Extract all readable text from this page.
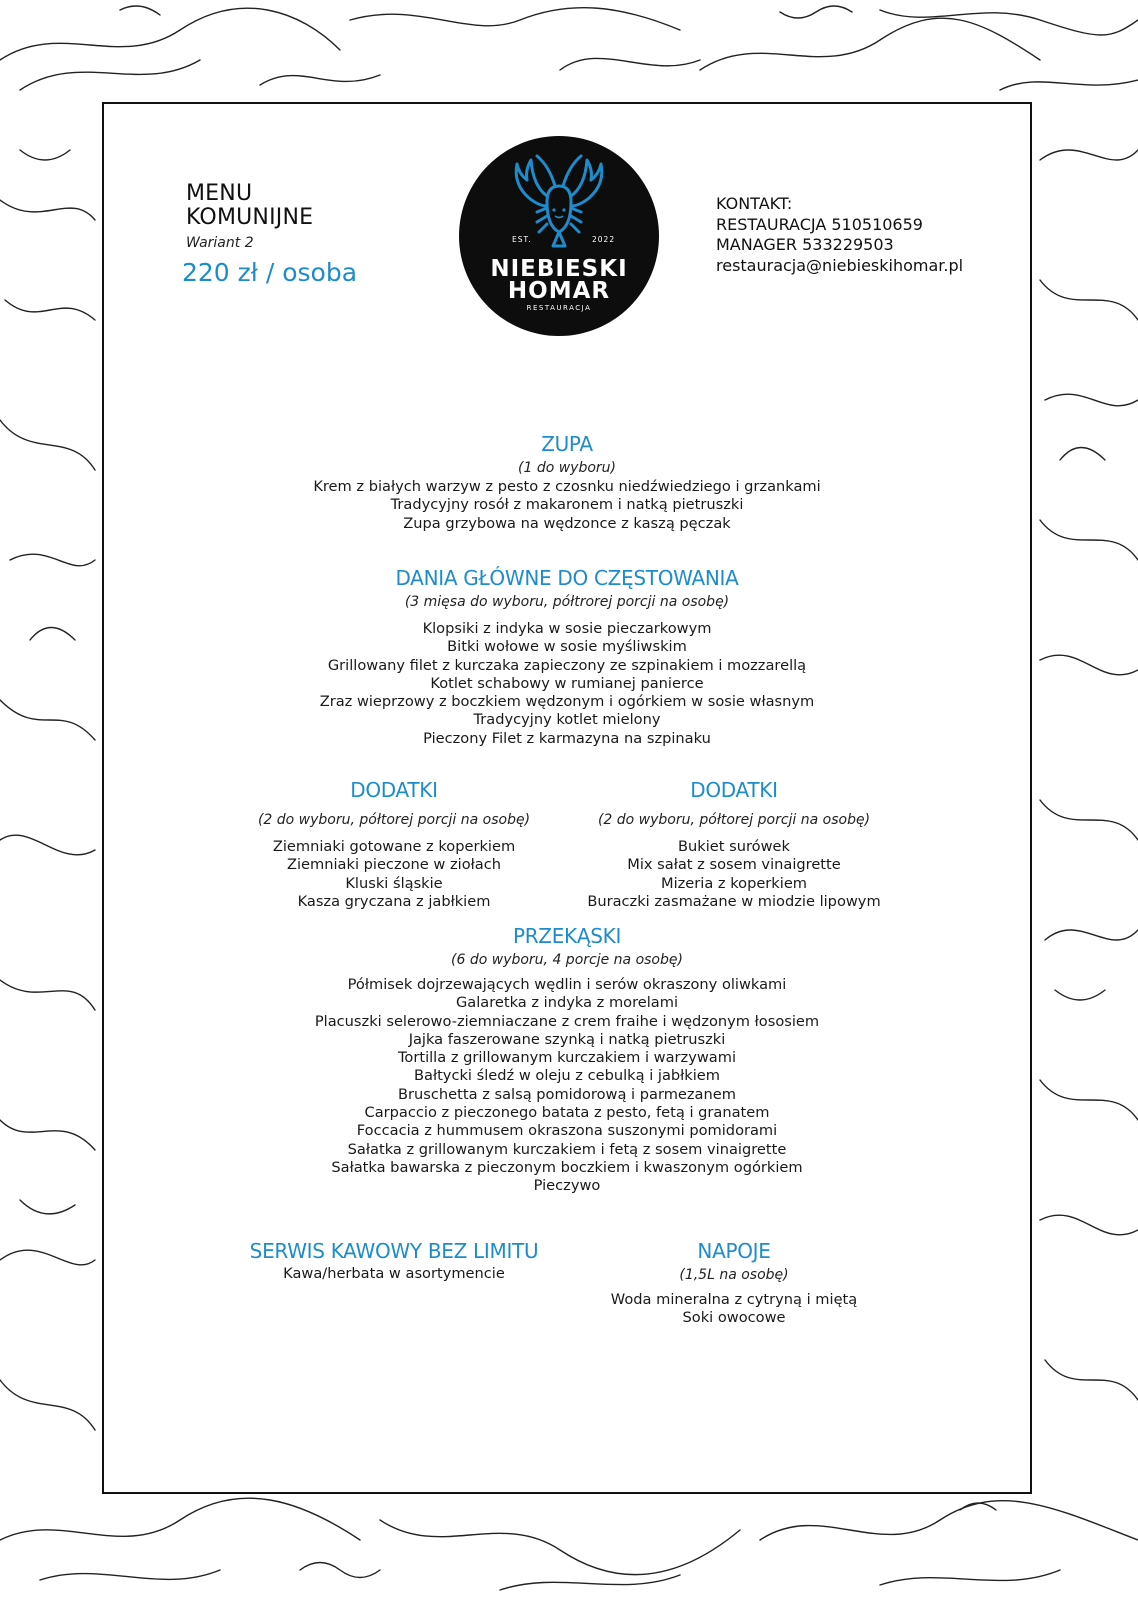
MENU
KOMUNIJNE
Wariant 2
220 zł / osoba
EST.	2022
NIEBIESKI
HOMAR
RESTAURACJA
KONTAKT:
RESTAURACJA 510510659
MANAGER 533229503
restauracja@niebieskihomar.pl
ZUPA
(1 do wyboru)
Krem z białych warzyw z pesto z czosnku niedźwiedziego i grzankami
Tradycyjny rosół z makaronem i natką pietruszki
Zupa grzybowa na wędzonce z kaszą pęczak
DANIA GŁÓWNE DO CZĘSTOWANIA
(3 mięsa do wyboru, półtrorej porcji na osobę)
Klopsiki z indyka w sosie pieczarkowym
Bitki wołowe w sosie myśliwskim
Grillowany filet z kurczaka zapieczony ze szpinakiem i mozzarellą
Kotlet schabowy w rumianej panierce
Zraz wieprzowy z boczkiem wędzonym i ogórkiem w sosie własnym
Tradycyjny kotlet mielony
Pieczony Filet z karmazyna na szpinaku
DODATKI
(2 do wyboru, półtorej porcji na osobę)
Ziemniaki gotowane z koperkiem
Ziemniaki pieczone w ziołach
Kluski śląskie
Kasza gryczana z jabłkiem
DODATKI
(2 do wyboru, półtorej porcji na osobę)
Bukiet surówek
Mix sałat z sosem vinaigrette
Mizeria z koperkiem
Buraczki zasmażane w miodzie lipowym
PRZEKĄSKI
(6 do wyboru, 4 porcje na osobę)
Półmisek dojrzewających wędlin i serów okraszony oliwkami
Galaretka z indyka z morelami
Placuszki selerowo-ziemniaczane z crem fraihe i wędzonym łososiem
Jajka faszerowane szynką i natką pietruszki
Tortilla z grillowanym kurczakiem i warzywami
Bałtycki śledź w oleju z cebulką i jabłkiem
Bruschetta z salsą pomidorową i parmezanem
Carpaccio z pieczonego batata z pesto, fetą i granatem
Foccacia z hummusem okraszona suszonymi pomidorami
Sałatka z grillowanym kurczakiem i fetą z sosem vinaigrette
Sałatka bawarska z pieczonym boczkiem i kwaszonym ogórkiem
Pieczywo
SERWIS KAWOWY BEZ LIMITU
Kawa/herbata w asortymencie
NAPOJE
(1,5L na osobę)
Woda mineralna z cytryną i miętą
Soki owocowe
